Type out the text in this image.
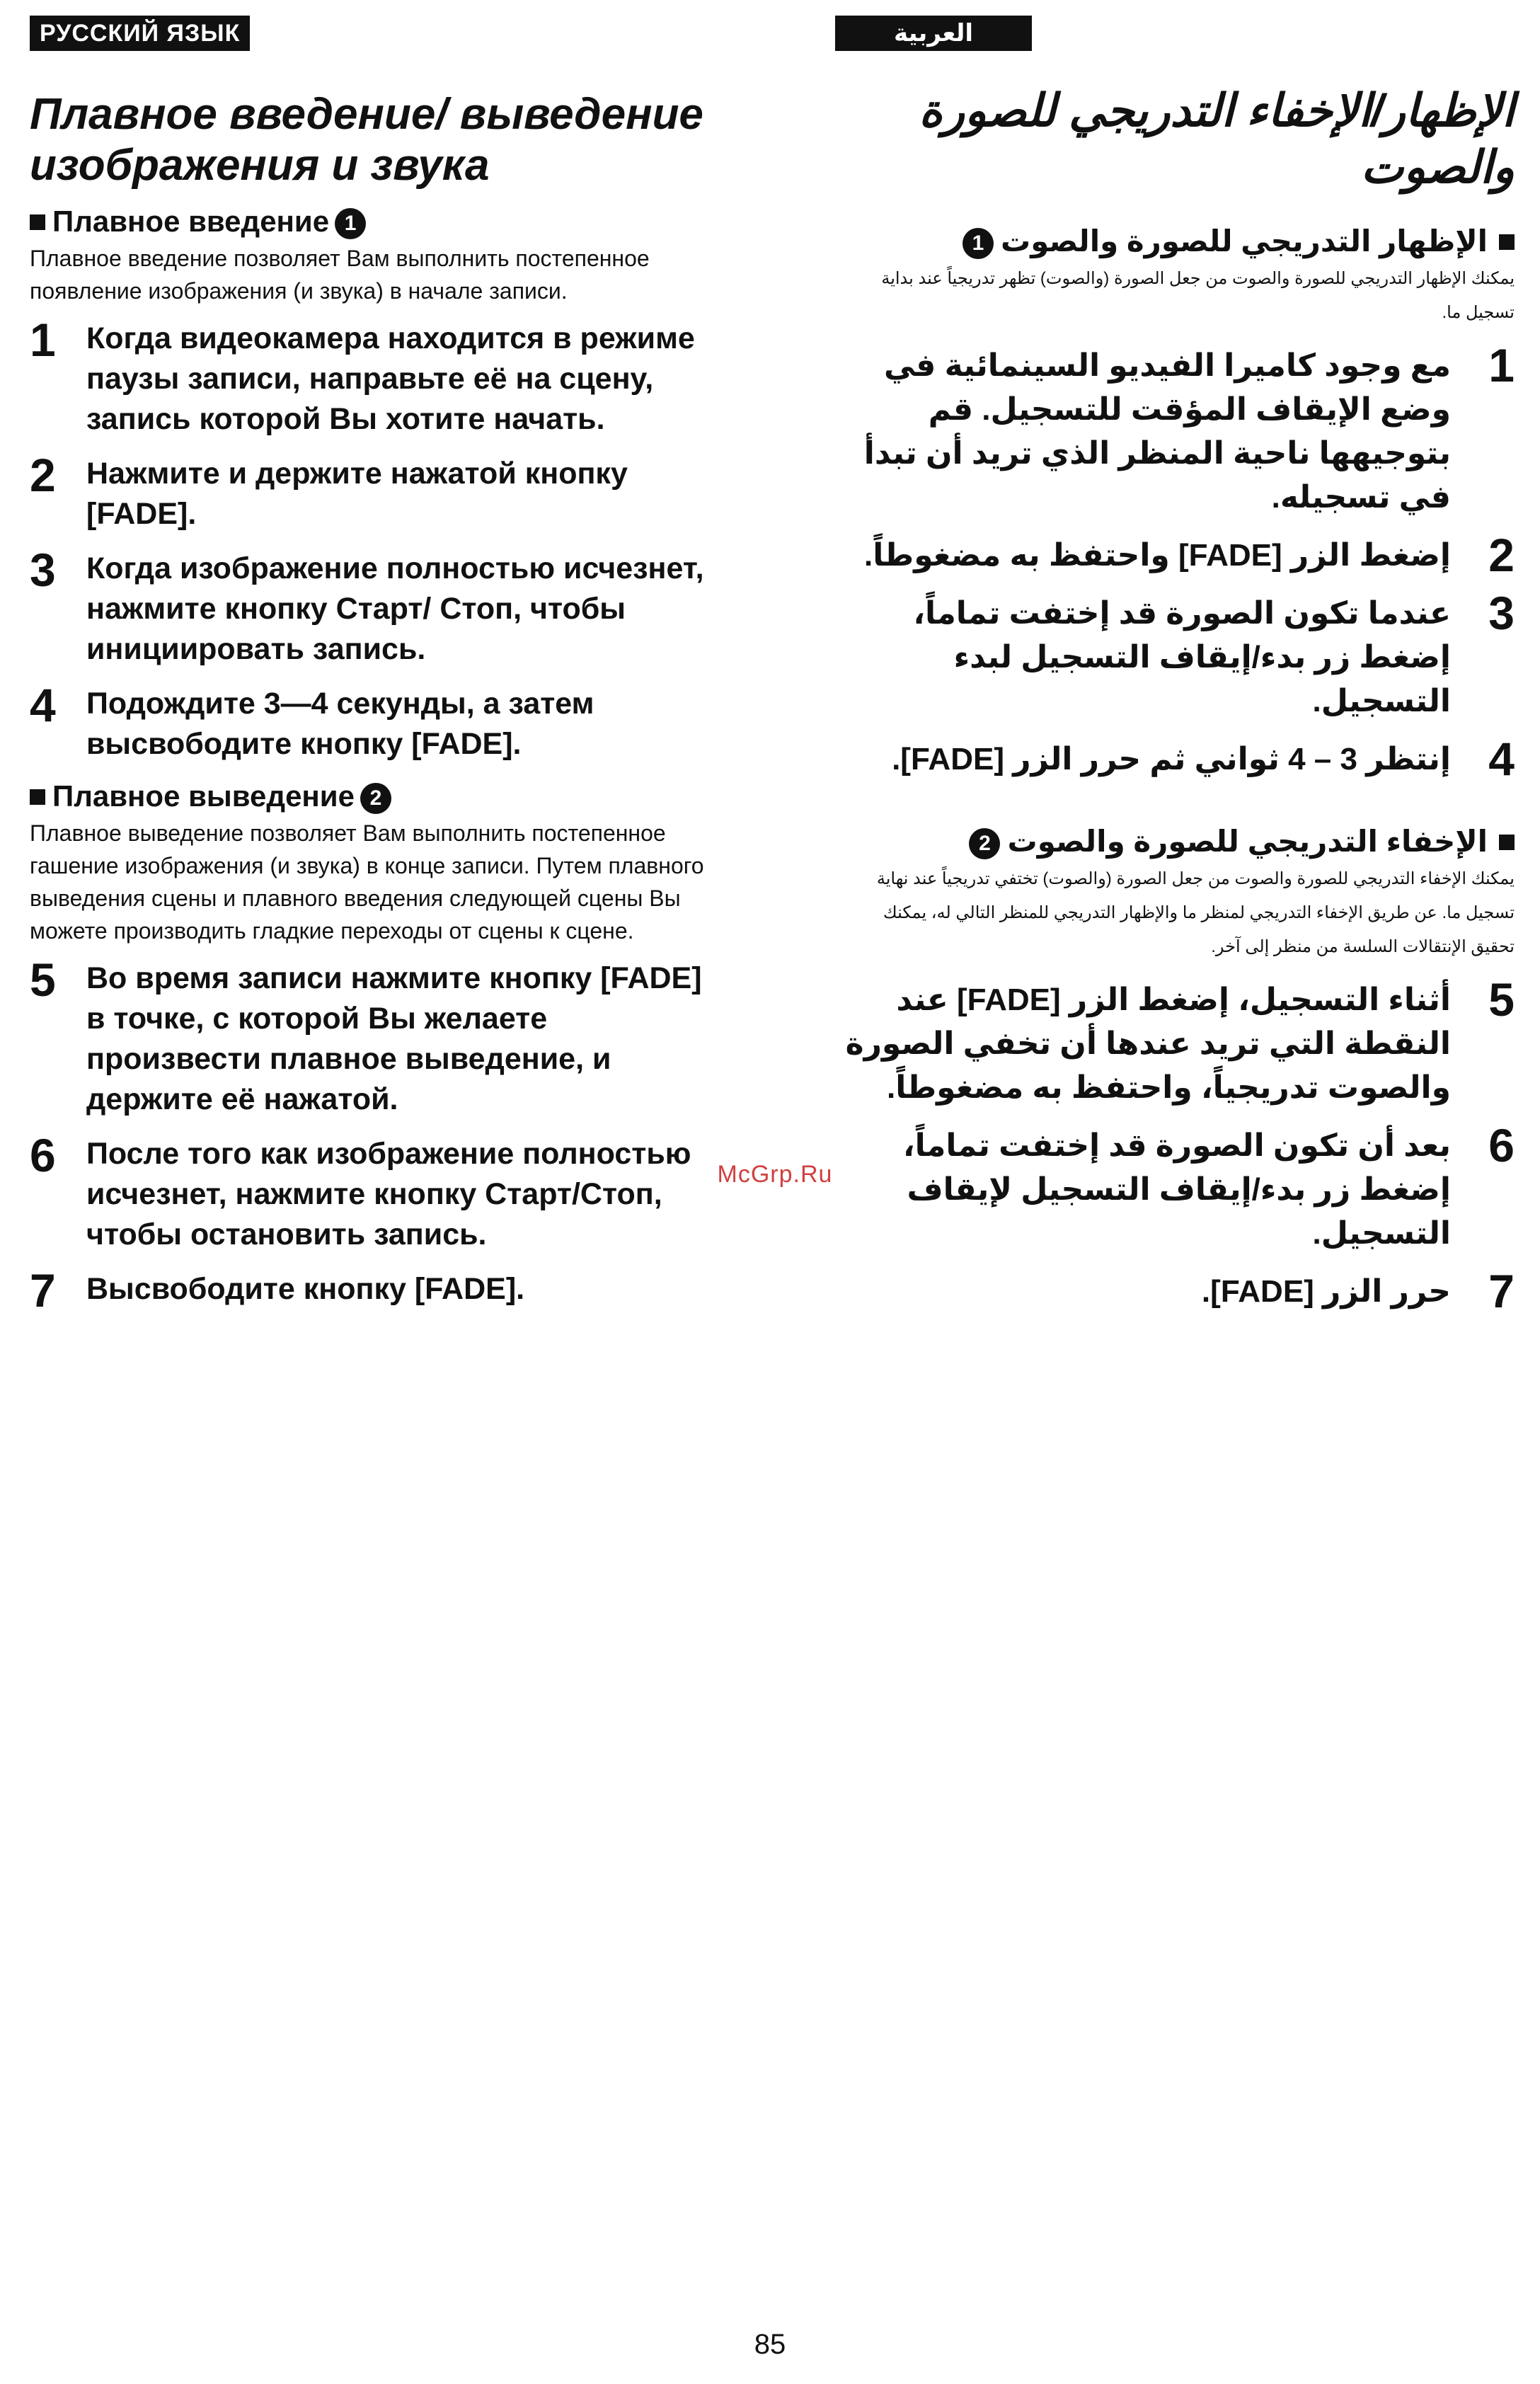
РУССКИЙ ЯЗЫК
Плавное введение/ выведение изображения и звука
Плавное введение 1

Плавное введение позволяет Вам выполнить постепенное появление изображения (и звука) в начале записи.

1	Когда видеокамера находится в режиме паузы записи, направьте её на сцену, запись которой Вы хотите начать.
2	Нажмите и держите нажатой кнопку [FADE].
3	Когда изображение полностью исчезнет, нажмите кнопку Старт/ Стоп, чтобы инициировать запись.
4	Подождите 3—4 секунды, а затем высвободите кнопку [FADE].
Плавное выведение 2

Плавное выведение позволяет Вам выполнить постепенное гашение изображения (и звука) в конце записи. Путем плавного выведения сцены и плавного введения следующей сцены Вы можете производить гладкие переходы от сцены к сцене.

5	Во время записи нажмите кнопку [FADE] в точке, с которой Вы желаете произвести плавное выведение, и держите её нажатой.
6	После того как изображение полностью исчезнет, нажмите кнопку Старт/Стоп, чтобы остановить запись.
7	Высвободите кнопку [FADE].
العربية
الإظهار/الإخفاء التدريجي للصورة والصوت
الإظهار التدريجي للصورة والصوت1

يمكنك الإظهار التدريجي للصورة والصوت من جعل الصورة (والصوت) تظهر تدريجياً عند بداية تسجيل ما.

1
مع وجود كاميرا الفيديو السينمائية في وضع الإيقاف المؤقت للتسجيل. قم بتوجيهها ناحية المنظر الذي تريد أن تبدأ في تسجيله.
2
إضغط الزر [FADE] واحتفظ به مضغوطاً.
3
عندما تكون الصورة قد إختفت تماماً، إضغط زر بدء/إيقاف التسجيل لبدء التسجيل.
4
إنتظر 3 – 4 ثواني ثم حرر الزر [FADE].
الإخفاء التدريجي للصورة والصوت2

يمكنك الإخفاء التدريجي للصورة والصوت من جعل الصورة (والصوت) تختفي تدريجياً عند نهاية تسجيل ما. عن طريق الإخفاء التدريجي لمنظر ما والإظهار التدريجي للمنظر التالي له، يمكنك تحقيق الإنتقالات السلسة من منظر إلى آخر.

5
أثناء التسجيل، إضغط الزر [FADE] عند النقطة التي تريد عندها أن تخفي الصورة والصوت تدريجياً، واحتفظ به مضغوطاً.
6
بعد أن تكون الصورة قد إختفت تماماً، إضغط زر بدء/إيقاف التسجيل لإيقاف التسجيل.
7
حرر الزر [FADE].
McGrp.Ru
85
